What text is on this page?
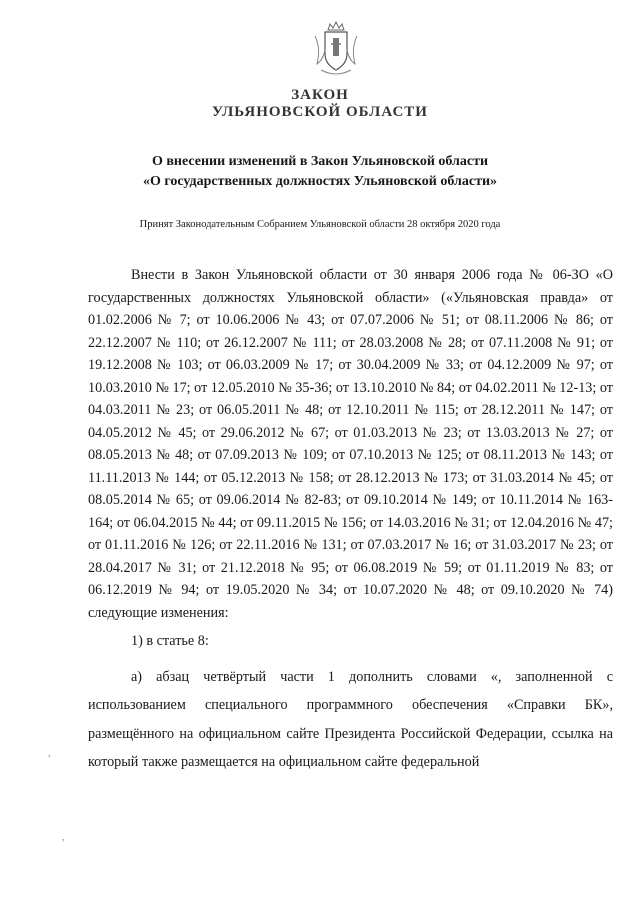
ЗАКОН
УЛЬЯНОВСКОЙ ОБЛАСТИ
О внесении изменений в Закон Ульяновской области
«О государственных должностях Ульяновской области»
Принят Законодательным Собранием Ульяновской области 28 октября 2020 года

Внести в Закон Ульяновской области от 30 января 2006 года № 06-ЗО «О государственных должностях Ульяновской области» («Ульяновская правда» от 01.02.2006 № 7; от 10.06.2006 № 43; от 07.07.2006 № 51; от 08.11.2006 № 86; от 22.12.2007 № 110; от 26.12.2007 № 111; от 28.03.2008 № 28; от 07.11.2008 № 91; от 19.12.2008 № 103; от 06.03.2009 № 17; от 30.04.2009 № 33; от 04.12.2009 № 97; от 10.03.2010 № 17; от 12.05.2010 № 35-36; от 13.10.2010 № 84; от 04.02.2011 № 12-13; от 04.03.2011 № 23; от 06.05.2011 № 48; от 12.10.2011 № 115; от 28.12.2011 № 147; от 04.05.2012 № 45; от 29.06.2012 № 67; от 01.03.2013 № 23; от 13.03.2013 № 27; от 08.05.2013 № 48; от 07.09.2013 № 109; от 07.10.2013 № 125; от 08.11.2013 № 143; от 11.11.2013 № 144; от 05.12.2013 № 158; от 28.12.2013 № 173; от 31.03.2014 № 45; от 08.05.2014 № 65; от 09.06.2014 № 82-83; от 09.10.2014 № 149; от 10.11.2014 № 163-164; от 06.04.2015 № 44; от 09.11.2015 № 156; от 14.03.2016 № 31; от 12.04.2016 № 47; от 01.11.2016 № 126; от 22.11.2016 № 131; от 07.03.2017 № 16; от 31.03.2017 № 23; от 28.04.2017 № 31; от 21.12.2018 № 95; от 06.08.2019 № 59; от 01.11.2019 № 83; от 06.12.2019 № 94; от 19.05.2020 № 34; от 10.07.2020 № 48; от 09.10.2020 № 74) следующие изменения:

1) в статье 8:

а) абзац четвёртый части 1 дополнить словами «, заполненной с использованием специального программного обеспечения «Справки БК», размещённого на официальном сайте Президента Российской Федерации, ссылка на который также размещается на официальном сайте федеральной

,
,
